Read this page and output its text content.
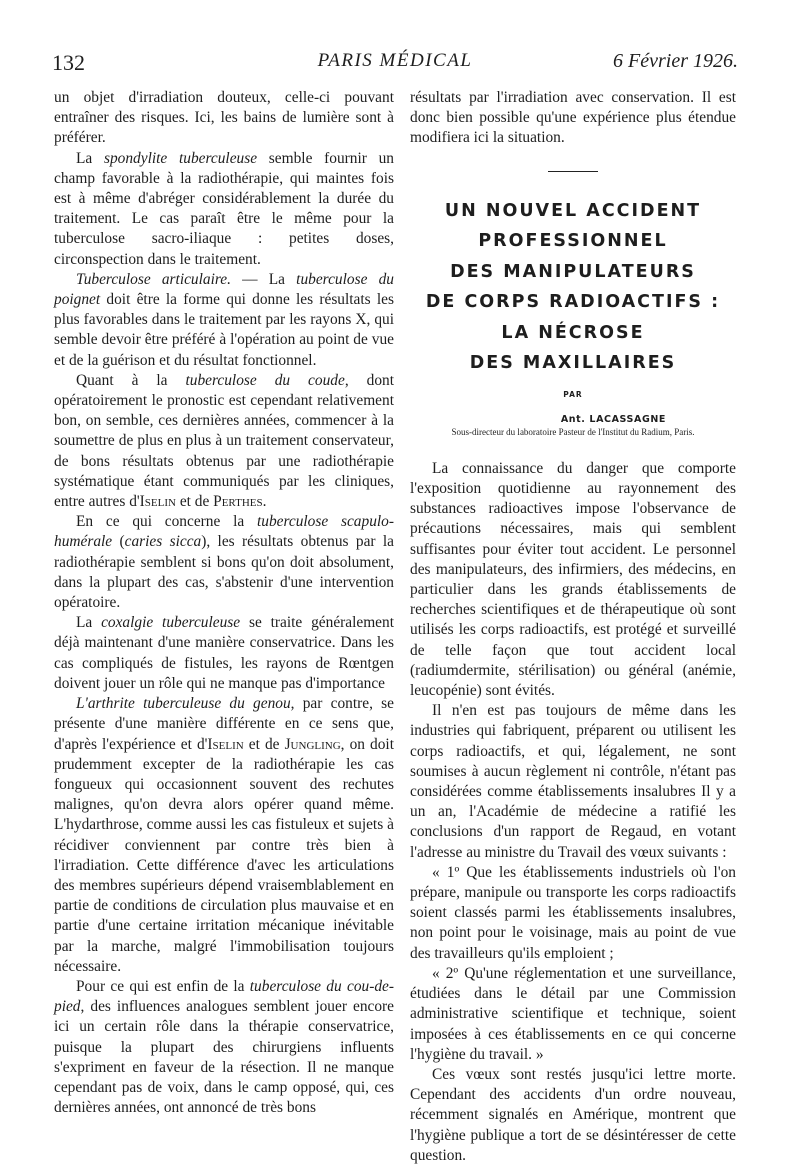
132	PARIS MÉDICAL	6 Février 1926.

un objet d'irradiation douteux, celle-ci pouvant entraîner des risques. Ici, les bains de lumière sont à préférer.

La spondylite tuberculeuse semble fournir un champ favorable à la radiothérapie, qui maintes fois est à même d'abréger considérablement la durée du traitement. Le cas paraît être le même pour la tuberculose sacro-iliaque : petites doses, circonspection dans le traitement.

Tuberculose articulaire. — La tuberculose du poignet doit être la forme qui donne les résultats les plus favorables dans le traitement par les rayons X, qui semble devoir être préféré à l'opération au point de vue et de la guérison et du résultat fonctionnel.

Quant à la tuberculose du coude, dont opératoirement le pronostic est cependant relativement bon, on semble, ces dernières années, commencer à la soumettre de plus en plus à un traitement conservateur, de bons résultats obtenus par une radiothérapie systématique étant communiqués par les cliniques, entre autres d'Iselin et de Perthes.

En ce qui concerne la tuberculose scapulo-humérale (caries sicca), les résultats obtenus par la radiothérapie semblent si bons qu'on doit absolument, dans la plupart des cas, s'abstenir d'une intervention opératoire.

La coxalgie tuberculeuse se traite généralement déjà maintenant d'une manière conservatrice. Dans les cas compliqués de fistules, les rayons de Rœntgen doivent jouer un rôle qui ne manque pas d'importance

L'arthrite tuberculeuse du genou, par contre, se présente d'une manière différente en ce sens que, d'après l'expérience et d'Iselin et de Jungling, on doit prudemment excepter de la radiothérapie les cas fongueux qui occasionnent souvent des rechutes malignes, qu'on devra alors opérer quand même. L'hydarthrose, comme aussi les cas fistuleux et sujets à récidiver conviennent par contre très bien à l'irradiation. Cette différence d'avec les articulations des membres supérieurs dépend vraisemblablement en partie de conditions de circulation plus mauvaise et en partie d'une certaine irritation mécanique inévitable par la marche, malgré l'immobilisation toujours nécessaire.

Pour ce qui est enfin de la tuberculose du cou-de-pied, des influences analogues semblent jouer encore ici un certain rôle dans la thérapie conservatrice, puisque la plupart des chirurgiens influents s'expriment en faveur de la résection. Il ne manque cependant pas de voix, dans le camp opposé, qui, ces dernières années, ont annoncé de très bons

résultats par l'irradiation avec conservation. Il est donc bien possible qu'une expérience plus étendue modifiera ici la situation.

UN NOUVEL ACCIDENT
PROFESSIONNEL
DES MANIPULATEURS
DE CORPS RADIOACTIFS :
LA NÉCROSE
DES MAXILLAIRES
PAR
Ant. LACASSAGNE
Sous-directeur du laboratoire Pasteur de l'Institut du Radium, Paris.

La connaissance du danger que comporte l'exposition quotidienne au rayonnement des substances radioactives impose l'observance de précautions nécessaires, mais qui semblent suffisantes pour éviter tout accident. Le personnel des manipulateurs, des infirmiers, des médecins, en particulier dans les grands établissements de recherches scientifiques et de thérapeutique où sont utilisés les corps radioactifs, est protégé et surveillé de telle façon que tout accident local (radiumdermite, stérilisation) ou général (anémie, leucopénie) sont évités.

Il n'en est pas toujours de même dans les industries qui fabriquent, préparent ou utilisent les corps radioactifs, et qui, légalement, ne sont soumises à aucun règlement ni contrôle, n'étant pas considérées comme établissements insalubres Il y a un an, l'Académie de médecine a ratifié les conclusions d'un rapport de Regaud, en votant l'adresse au ministre du Travail des vœux suivants :

« 1º Que les établissements industriels où l'on prépare, manipule ou transporte les corps radioactifs soient classés parmi les établissements insalubres, non point pour le voisinage, mais au point de vue des travailleurs qu'ils emploient ;

« 2º Qu'une réglementation et une surveillance, étudiées dans le détail par une Commission administrative scientifique et technique, soient imposées à ces établissements en ce qui concerne l'hygiène du travail. »

Ces vœux sont restés jusqu'ici lettre morte. Cependant des accidents d'un ordre nouveau, récemment signalés en Amérique, montrent que l'hygiène publique a tort de se désintéresser de cette question.
